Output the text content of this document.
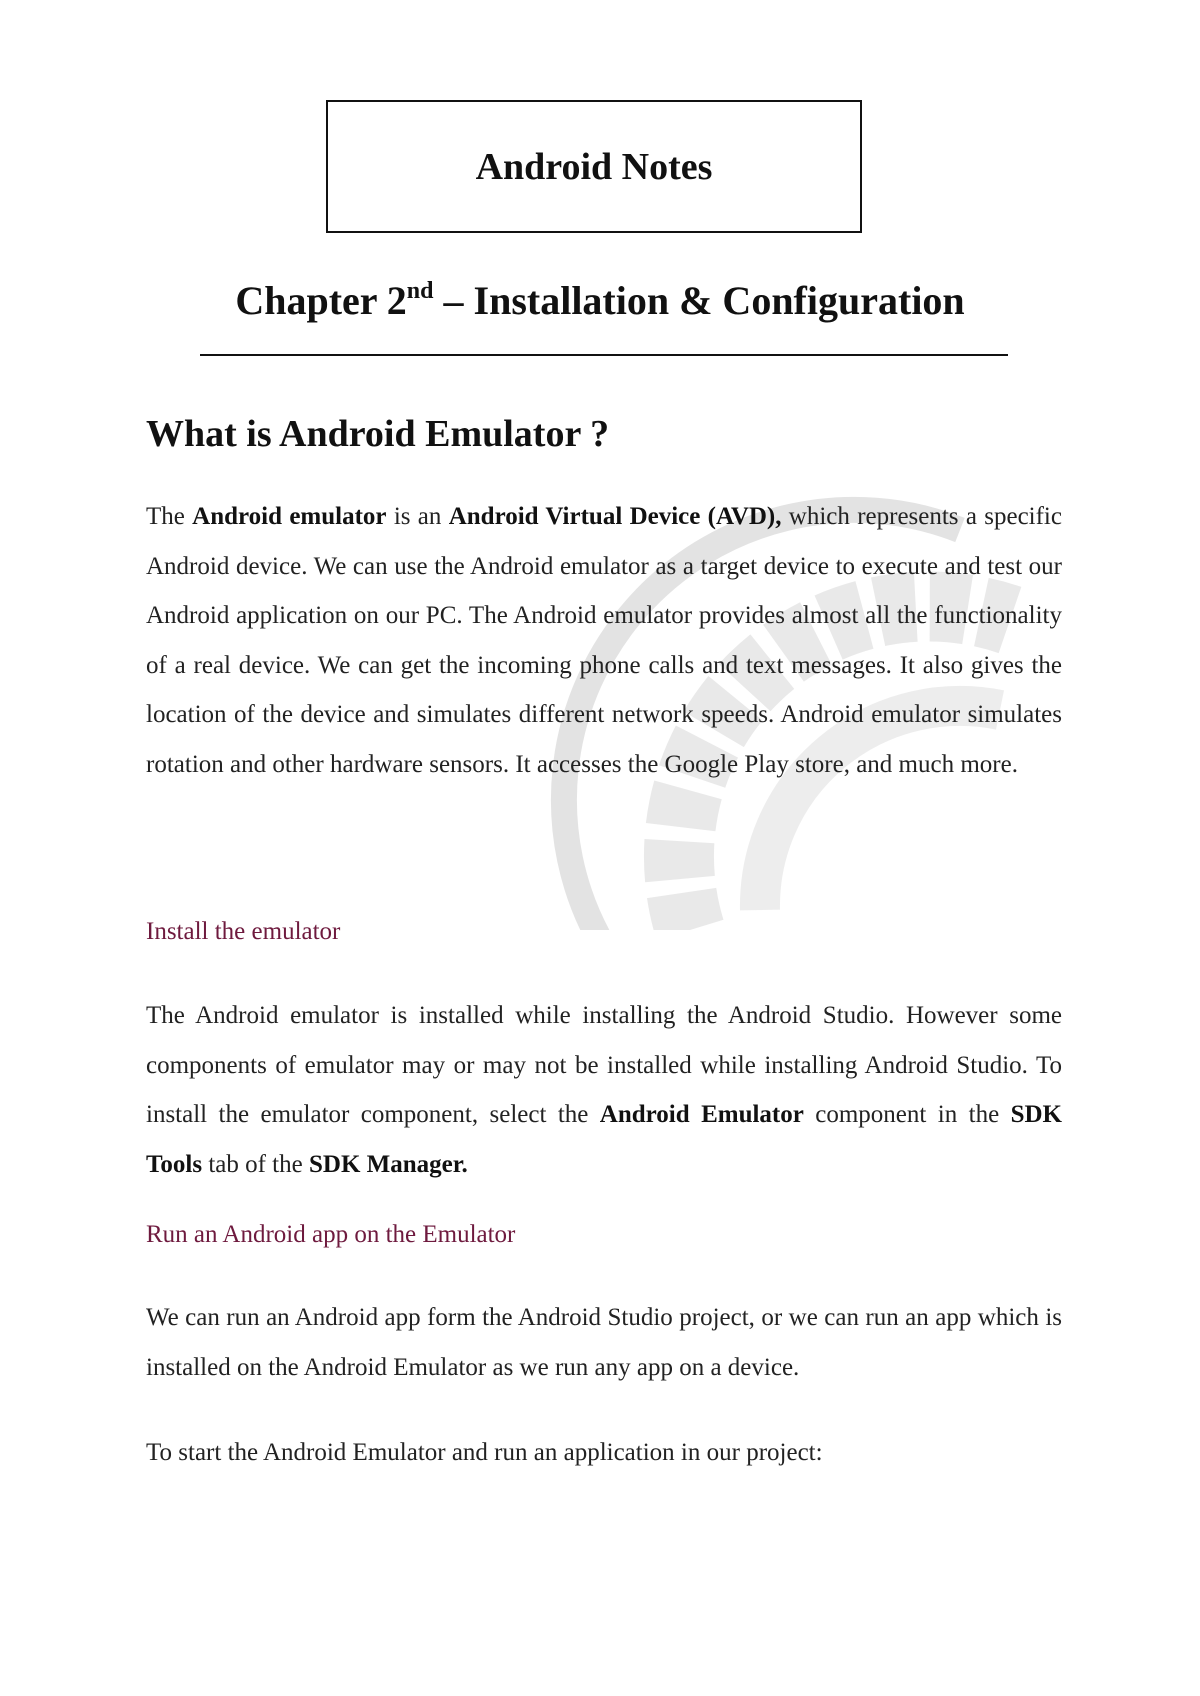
Android Notes
Chapter 2nd – Installation & Configuration
What is Android Emulator ?
The Android emulator is an Android Virtual Device (AVD), which represents a specific Android device. We can use the Android emulator as a target device to execute and test our Android application on our PC. The Android emulator provides almost all the functionality of a real device. We can get the incoming phone calls and text messages. It also gives the location of the device and simulates different network speeds. Android emulator simulates rotation and other hardware sensors. It accesses the Google Play store, and much more.
Install the emulator
The Android emulator is installed while installing the Android Studio. However some components of emulator may or may not be installed while installing Android Studio. To install the emulator component, select the Android Emulator component in the SDK Tools tab of the SDK Manager.
Run an Android app on the Emulator
We can run an Android app form the Android Studio project, or we can run an app which is installed on the Android Emulator as we run any app on a device.
To start the Android Emulator and run an application in our project:
